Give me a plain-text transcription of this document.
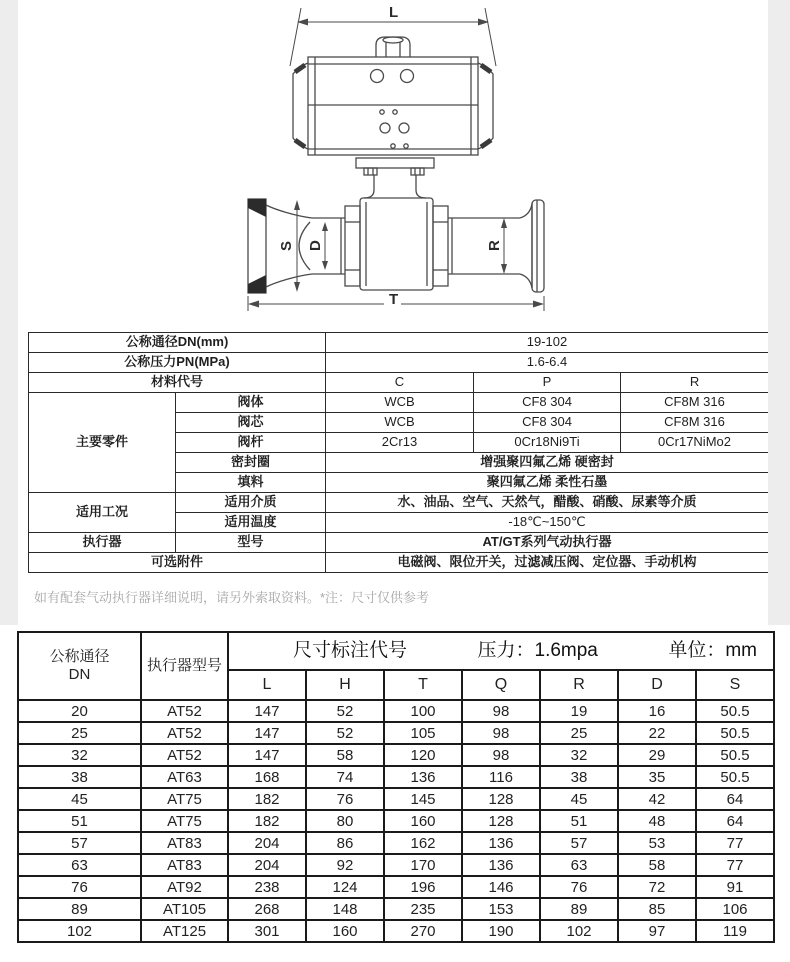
L
S D	R
T
公称通径DN(mm)		19-102		
公称压力PN(MPa)		1.6-6.4		
材料代号		C	P	R
主要零件	阀体	WCB	CF8 304	CF8M 316
	阀芯	WCB	CF8 304	CF8M 316
	阀杆	2Cr13	0Cr18Ni9Ti	0Cr17NiMo2
	密封圈	增强聚四氟乙烯 硬密封		
	填料	聚四氟乙烯 柔性石墨		
适用工况	适用介质	水、油品、空气、天然气，醋酸、硝酸、尿素等介质		
	适用温度	-18℃~150℃		
执行器	型号	AT/GT系列气动执行器		
可选附件		电磁阀、限位开关，过滤减压阀、定位器、手动机构		
如有配套气动执行器详细说明，请另外索取资料。*注：尺寸仅供参考
公称通径
DN
	执行器型号	
尺寸标注代号	压力：1.6mpa	单位：mm

		L	H	T	Q	R	D	S
20	AT52	147	52	100	98	19	16	50.5
25	AT52	147	52	105	98	25	22	50.5
32	AT52	147	58	120	98	32	29	50.5
38	AT63	168	74	136	116	38	35	50.5
45	AT75	182	76	145	128	45	42	64
51	AT75	182	80	160	128	51	48	64
57	AT83	204	86	162	136	57	53	77
63	AT83	204	92	170	136	63	58	77
76	AT92	238	124	196	146	76	72	91
89	AT105	268	148	235	153	89	85	106
102	AT125	301	160	270	190	102	97	119
